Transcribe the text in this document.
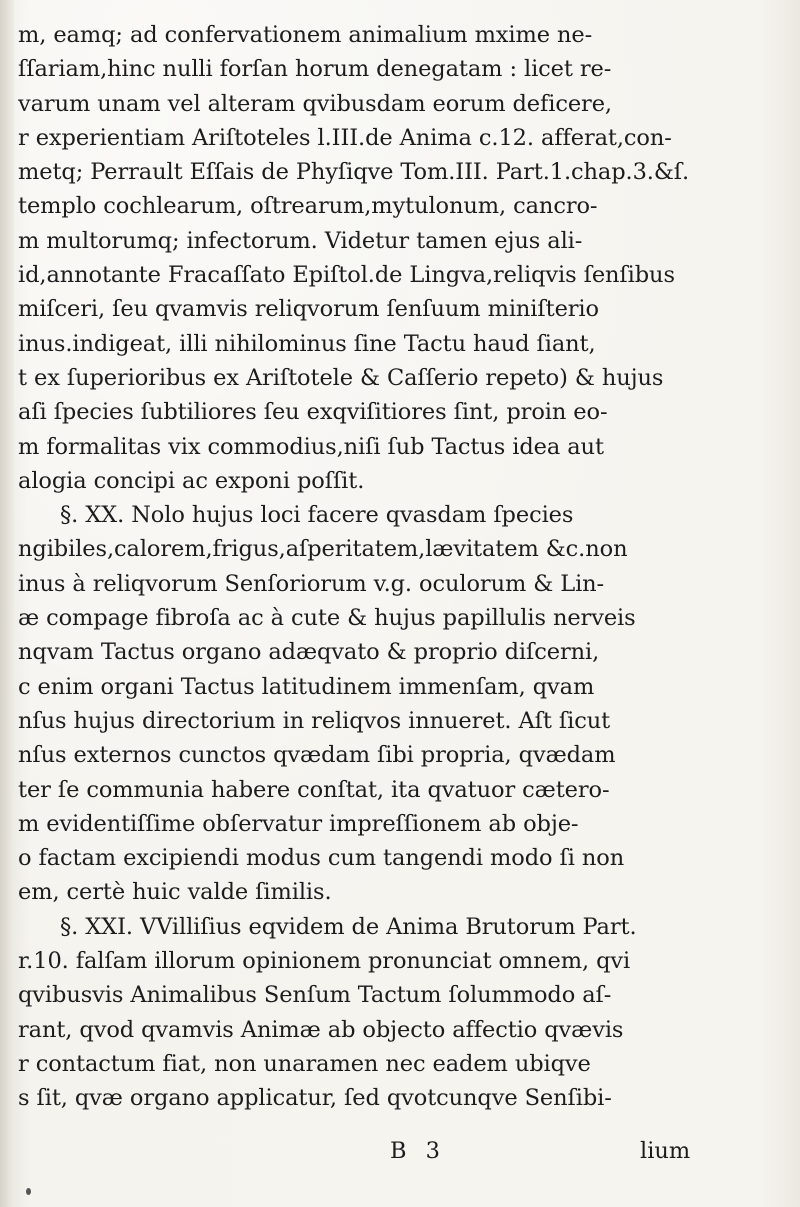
m, eamq; ad confervationem animalium mxime ne-
ſſariam,hinc nulli forſan horum denegatam : licet re-
varum unam vel alteram qvibusdam eorum deficere,
r experientiam Ariſtoteles l.III.de Anima c.12. afferat,con-
metq; Perrault Eſſais de Phyſiqve Tom.III. Part.1.chap.3.&ſ.
templo cochlearum, oſtrearum,mytulonum, cancro-
m multorumq; infectorum. Videtur tamen ejus ali-
id,annotante Fracaſſato Epiſtol.de Lingva,reliqvis ſenſibus
miſceri, ſeu qvamvis reliqvorum ſenſuum miniſterio
inus.indigeat, illi nihilominus ſine Tactu haud ſiant,
t ex ſuperioribus ex Ariſtotele & Caſſerio repeto) & hujus
aſi ſpecies ſubtiliores ſeu exqviſitiores ſint, proin eo-
m formalitas vix commodius,niſi ſub Tactus idea aut
alogia concipi ac exponi poſſit.
§. XX. Nolo hujus loci facere qvasdam ſpecies
ngibiles,calorem,frigus,aſperitatem,lævitatem &c.non
inus à reliqvorum Senſoriorum v.g. oculorum & Lin-
æ compage fibroſa ac à cute & hujus papillulis nerveis
nqvam Tactus organo adæqvato & proprio diſcerni,
c enim organi Tactus latitudinem immenſam, qvam
nſus hujus directorium in reliqvos innueret. Aſt ſicut
nſus externos cunctos qvædam ſibi propria, qvædam
ter ſe communia habere conſtat, ita qvatuor cætero-
m evidentiſſime obſervatur impreſſionem ab obje-
o factam excipiendi modus cum tangendi modo ſi non
em, certè huic valde ſimilis.
§. XXI. VVilliſius eqvidem de Anima Brutorum Part.
r.10. falſam illorum opinionem pronunciat omnem, qvi
qvibusvis Animalibus Senſum Tactum ſolummodo aſ-
rant, qvod qvamvis Animæ ab objecto affectio qvævis
r contactum fiat, non unaramen nec eadem ubiqve
s ſit, qvæ organo applicatur, ſed qvotcunqve Senſibi-
B 3	lium
